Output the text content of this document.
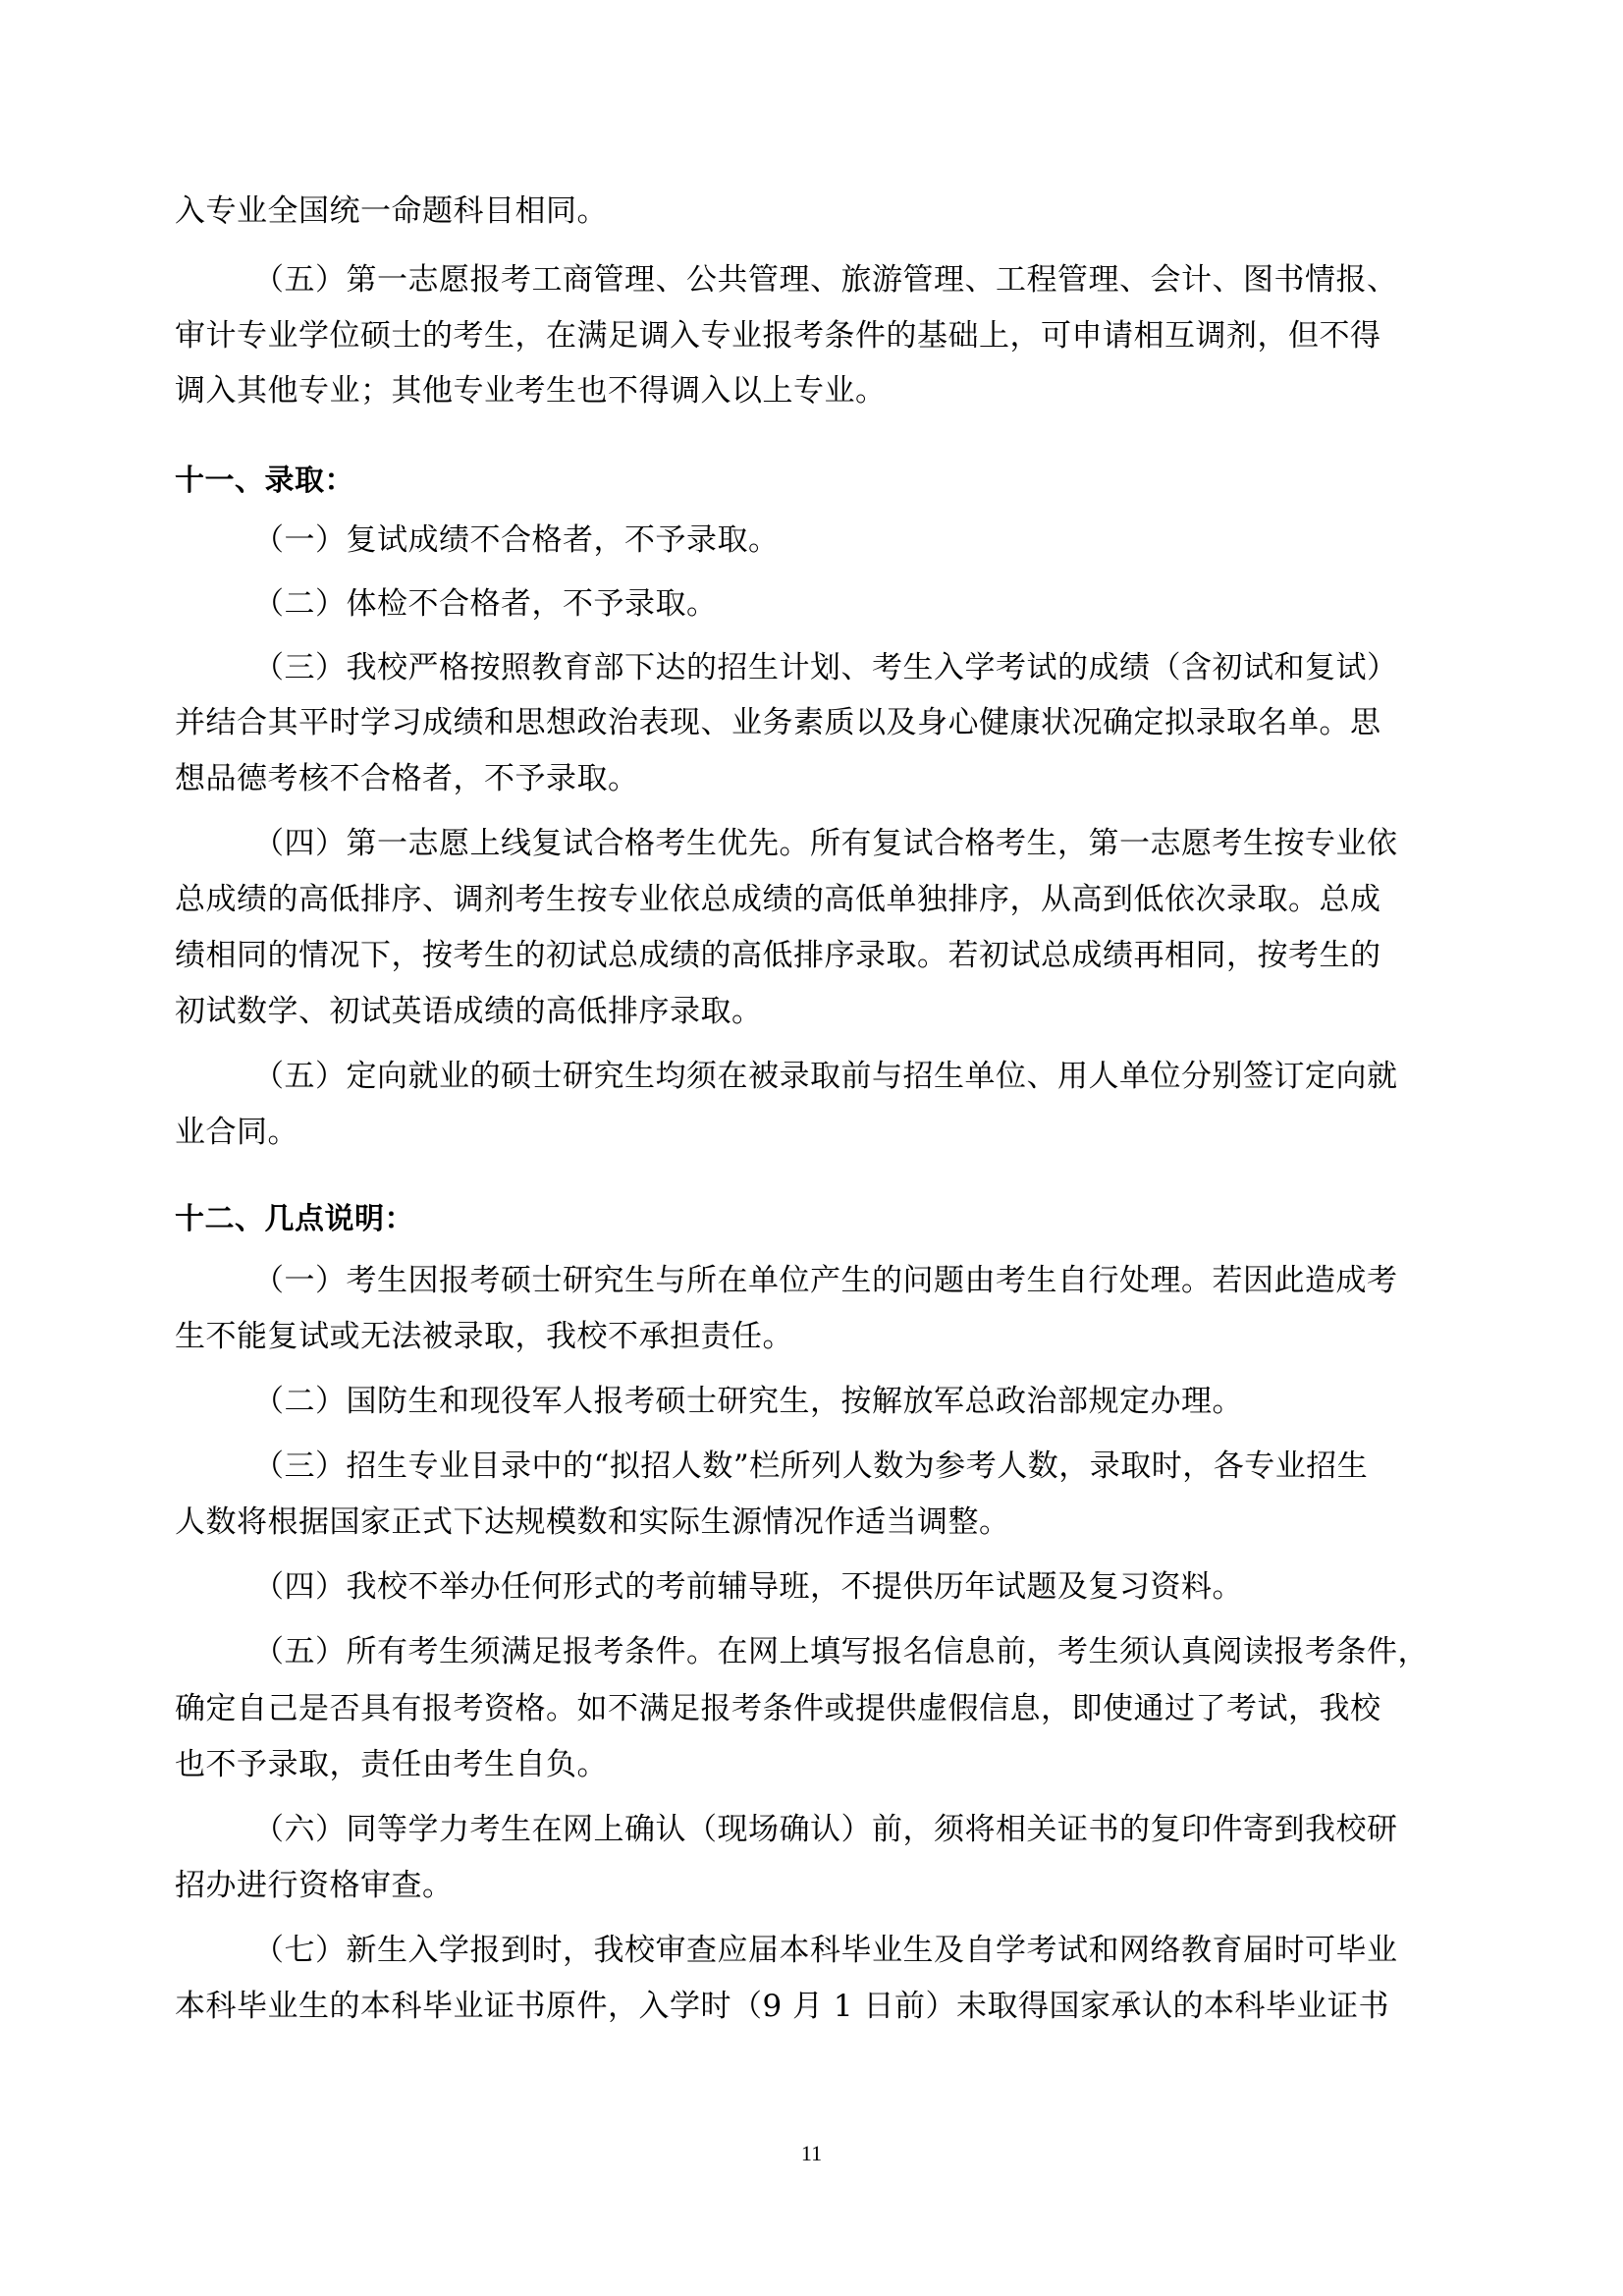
入专业全国统一命题科目相同。
（五）第一志愿报考工商管理、公共管理、旅游管理、工程管理、会计、图书情报、
审计专业学位硕士的考生，在满足调入专业报考条件的基础上，可申请相互调剂，但不得
调入其他专业；其他专业考生也不得调入以上专业。
十一、录取：
（一）复试成绩不合格者，不予录取。
（二）体检不合格者，不予录取。
（三）我校严格按照教育部下达的招生计划、考生入学考试的成绩（含初试和复试）
并结合其平时学习成绩和思想政治表现、业务素质以及身心健康状况确定拟录取名单。思
想品德考核不合格者，不予录取。
（四）第一志愿上线复试合格考生优先。所有复试合格考生，第一志愿考生按专业依
总成绩的高低排序、调剂考生按专业依总成绩的高低单独排序，从高到低依次录取。总成
绩相同的情况下，按考生的初试总成绩的高低排序录取。若初试总成绩再相同，按考生的
初试数学、初试英语成绩的高低排序录取。
（五）定向就业的硕士研究生均须在被录取前与招生单位、用人单位分别签订定向就
业合同。
十二、几点说明：
（一）考生因报考硕士研究生与所在单位产生的问题由考生自行处理。若因此造成考
生不能复试或无法被录取，我校不承担责任。
（二）国防生和现役军人报考硕士研究生，按解放军总政治部规定办理。
（三）招生专业目录中的“拟招人数”栏所列人数为参考人数，录取时，各专业招生
人数将根据国家正式下达规模数和实际生源情况作适当调整。
（四）我校不举办任何形式的考前辅导班，不提供历年试题及复习资料。
（五）所有考生须满足报考条件。在网上填写报名信息前，考生须认真阅读报考条件，
确定自己是否具有报考资格。如不满足报考条件或提供虚假信息，即使通过了考试，我校
也不予录取，责任由考生自负。
（六）同等学力考生在网上确认（现场确认）前，须将相关证书的复印件寄到我校研
招办进行资格审查。
（七）新生入学报到时，我校审查应届本科毕业生及自学考试和网络教育届时可毕业
本科毕业生的本科毕业证书原件，入学时（9 月 1 日前）未取得国家承认的本科毕业证书
11
